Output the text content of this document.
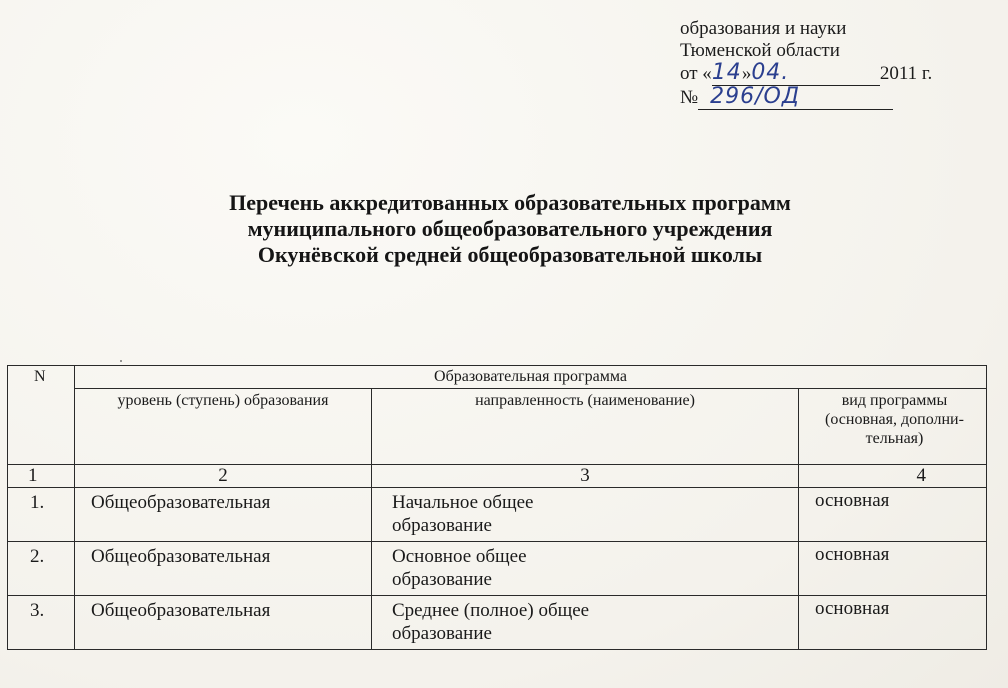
образования и науки
Тюменской области
от «14»04.	2011 г.
№ 296/ОД
Перечень аккредитованных образовательных программ
муниципального общеобразовательного учреждения
Окунёвской средней общеобразовательной школы
N	Образовательная программа		
	уровень (ступень) образования	направленность (наименование)	вид программы (основная, дополни-тельная)
1	2	3	4
1.	Общеобразовательная	Начальное общее образование	основная
2.	Общеобразовательная	Основное общее образование	основная
3.	Общеобразовательная	Среднее (полное) общее образование	основная
